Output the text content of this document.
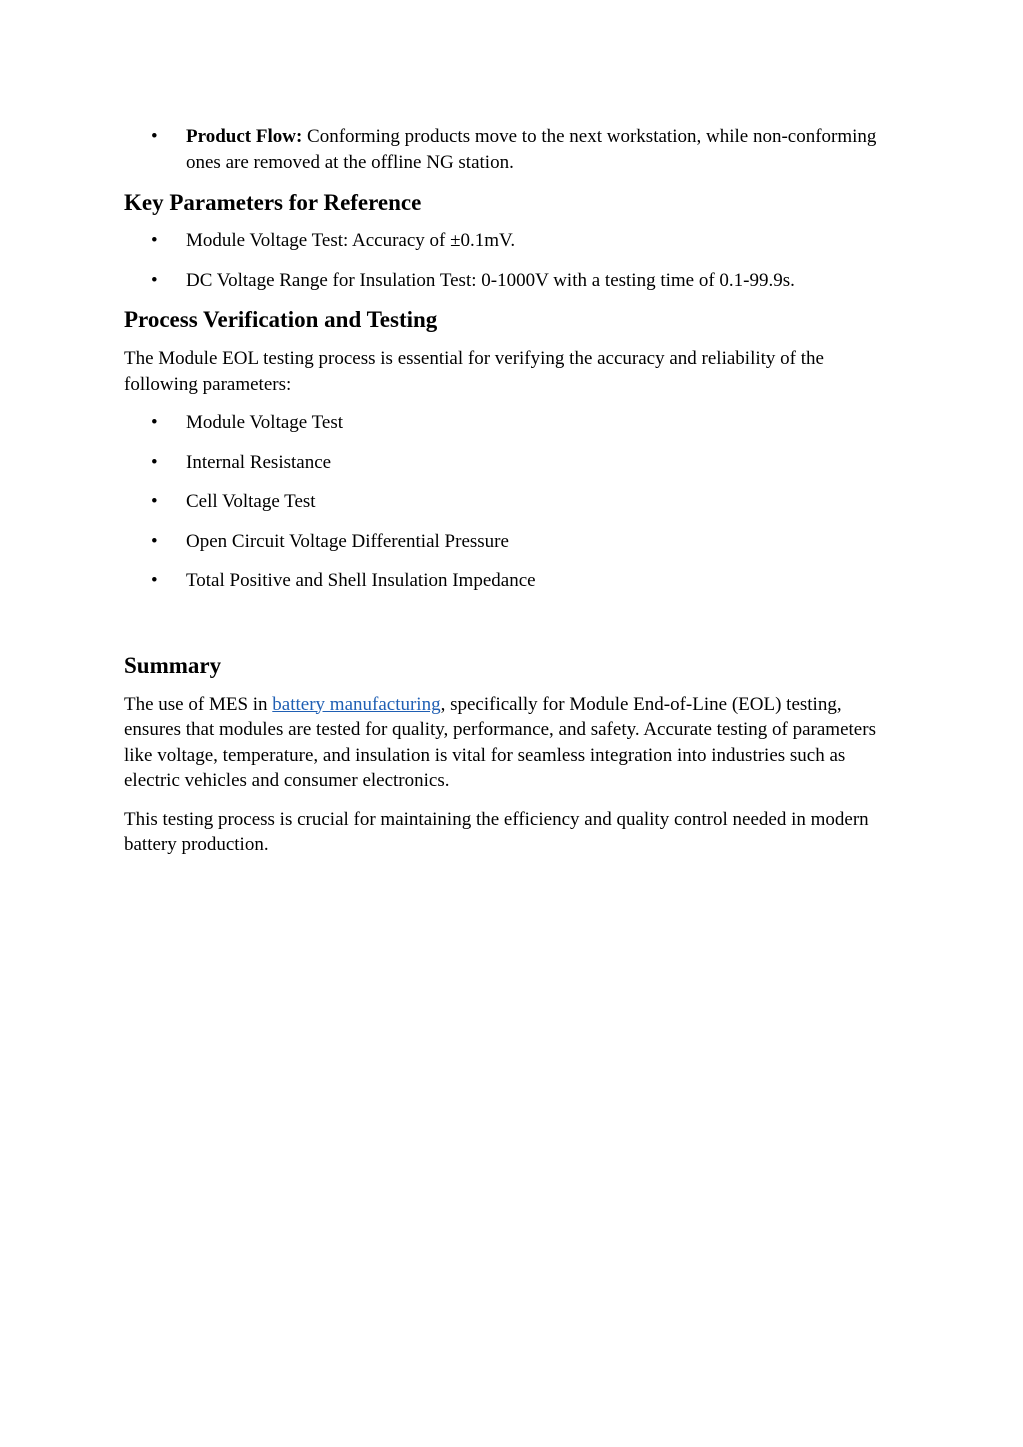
• Product Flow: Conforming products move to the next workstation, while non-conforming ones are removed at the offline NG station.
Key Parameters for Reference
• Module Voltage Test: Accuracy of ±0.1mV.
• DC Voltage Range for Insulation Test: 0-1000V with a testing time of 0.1-99.9s.
Process Verification and Testing

The Module EOL testing process is essential for verifying the accuracy and reliability of the following parameters:

• Module Voltage Test
• Internal Resistance
• Cell Voltage Test
• Open Circuit Voltage Differential Pressure
• Total Positive and Shell Insulation Impedance
Summary

The use of MES in battery manufacturing, specifically for Module End-of-Line (EOL) testing, ensures that modules are tested for quality, performance, and safety. Accurate testing of parameters like voltage, temperature, and insulation is vital for seamless integration into industries such as electric vehicles and consumer electronics.

This testing process is crucial for maintaining the efficiency and quality control needed in modern battery production.
